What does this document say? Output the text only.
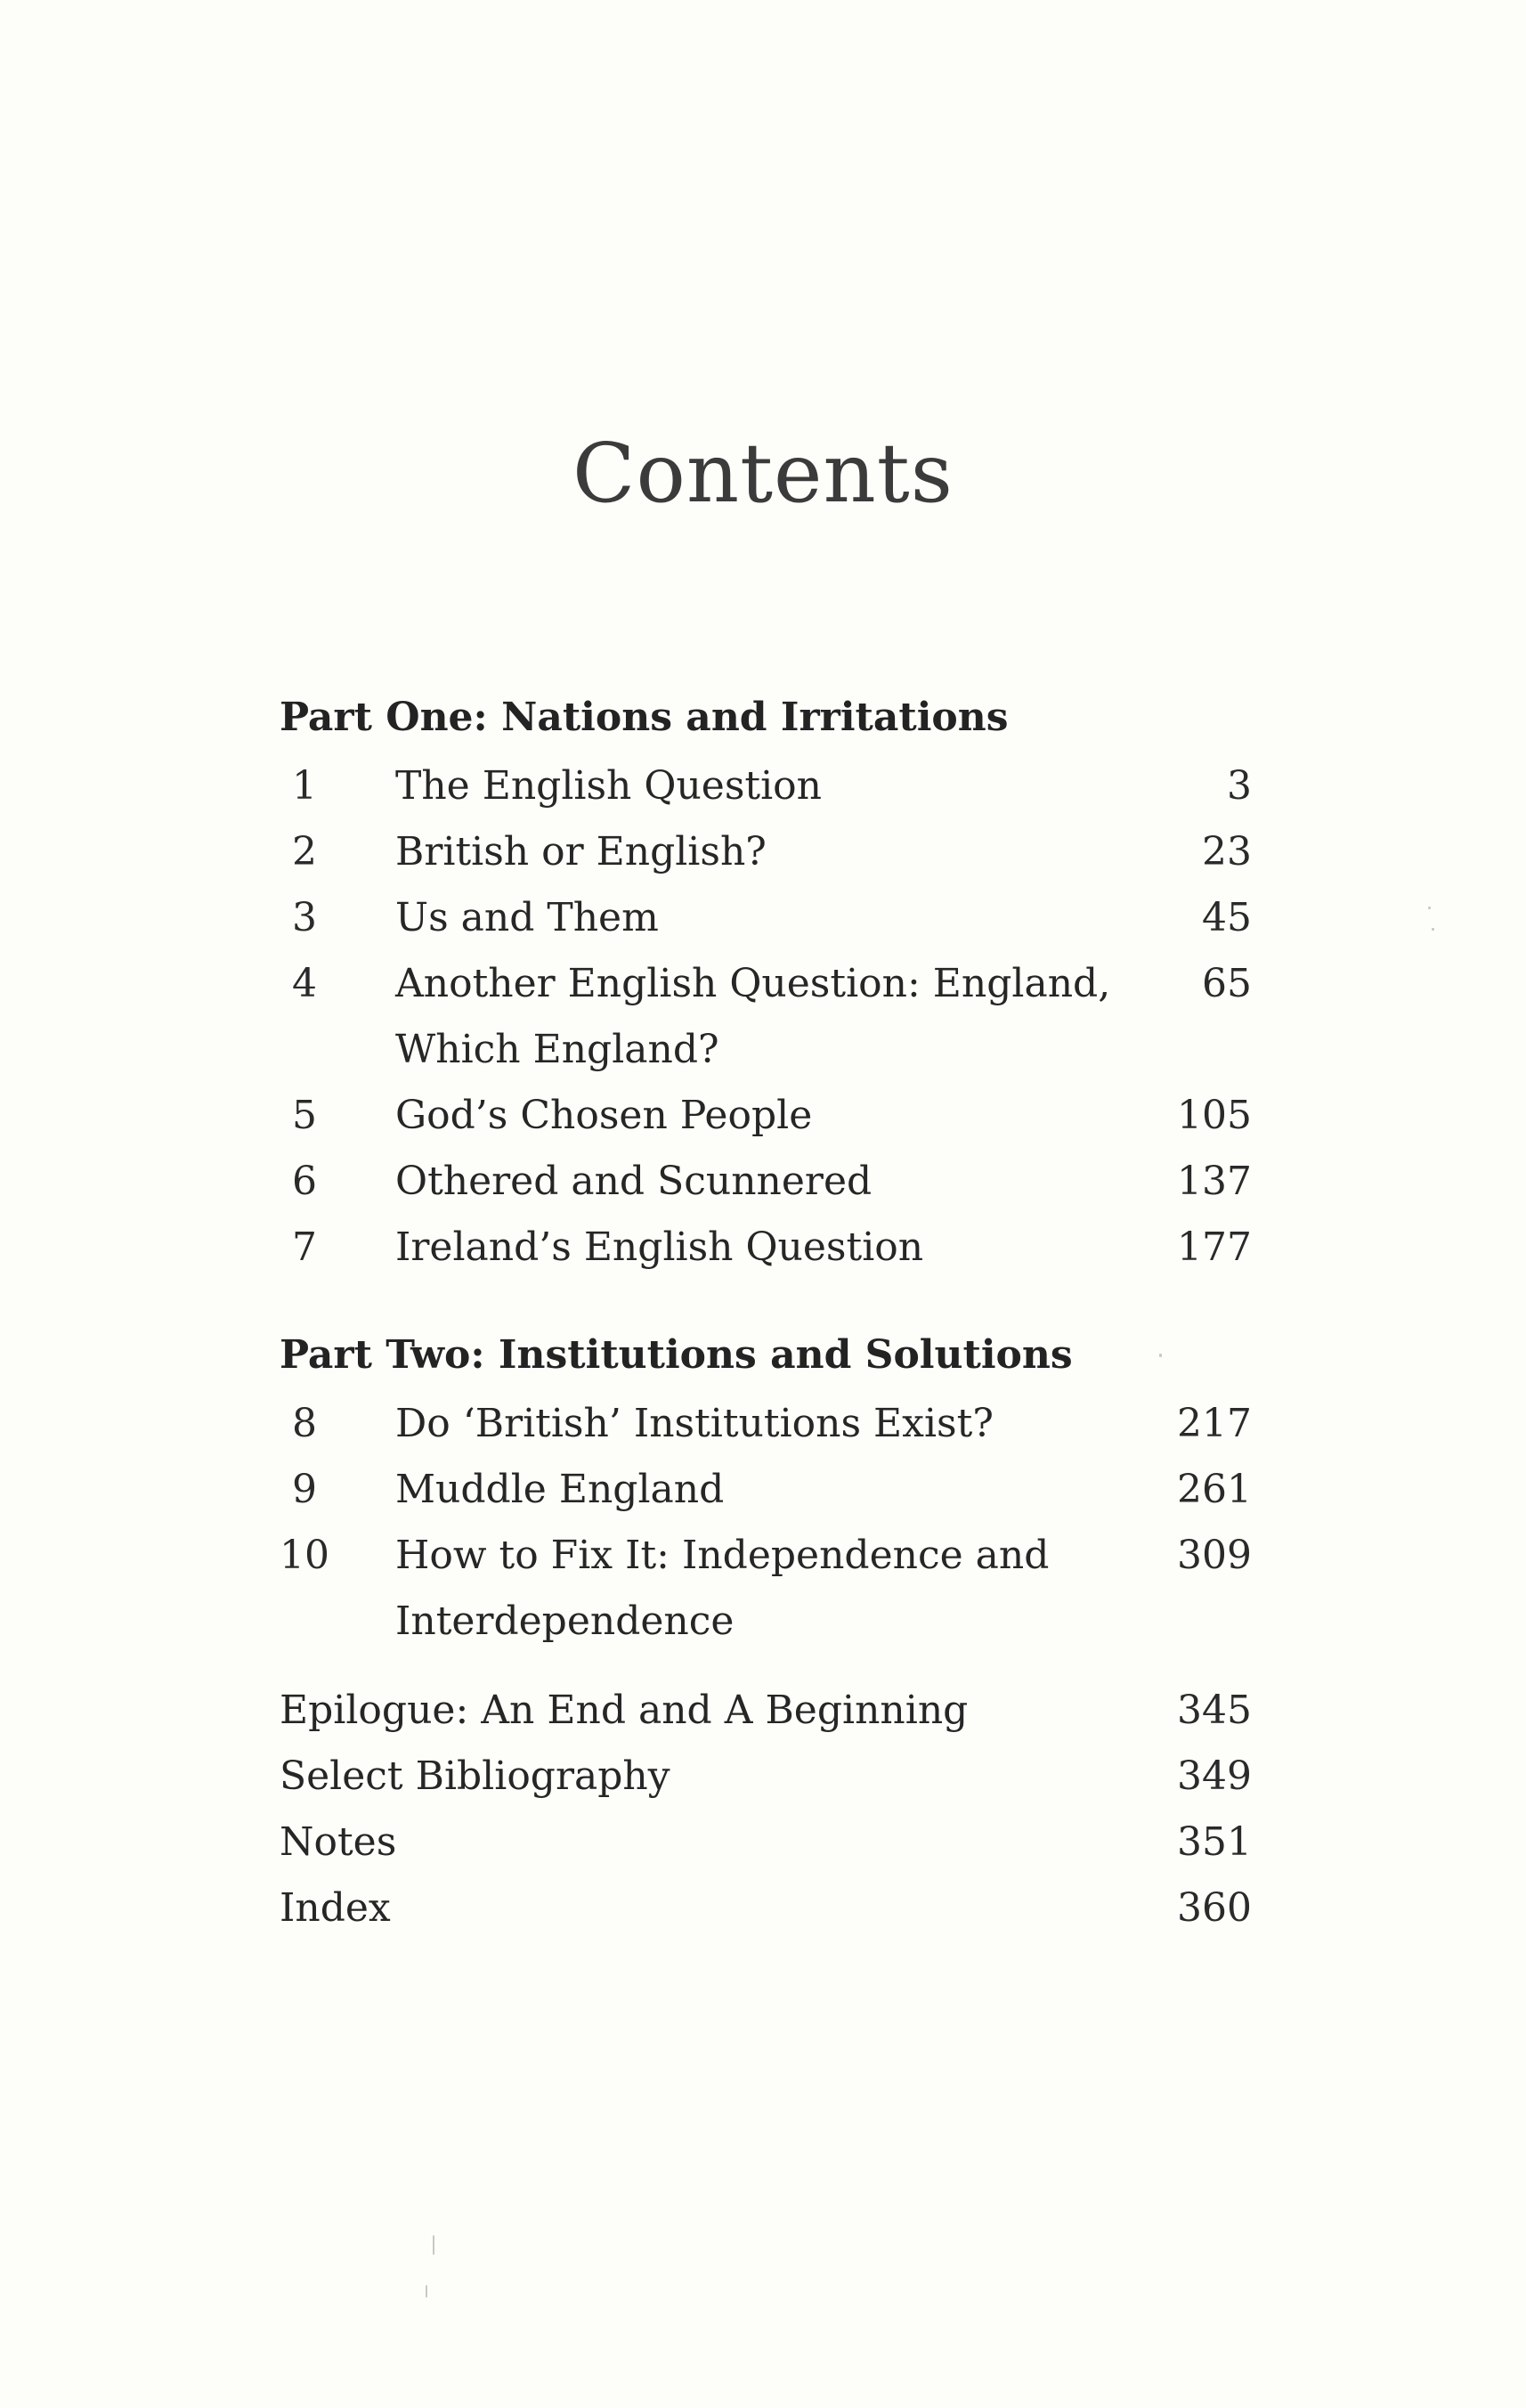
Contents
Part One: Nations and Irritations
1	The English Question	3
2	British or English?	23
3	Us and Them	45
4	Another English Question: England, 65
Which England?
5	God’s Chosen People	105
6	Othered and Scunnered	137
7	Ireland’s English Question	177
Part Two: Institutions and Solutions
8	Do ‘British’ Institutions Exist?	217
9	Muddle England	261
10	How to Fix It: Independence and	309
Interdependence
Epilogue: An End and A Beginning	345
Select Bibliography	349
Notes	351
Index	360
